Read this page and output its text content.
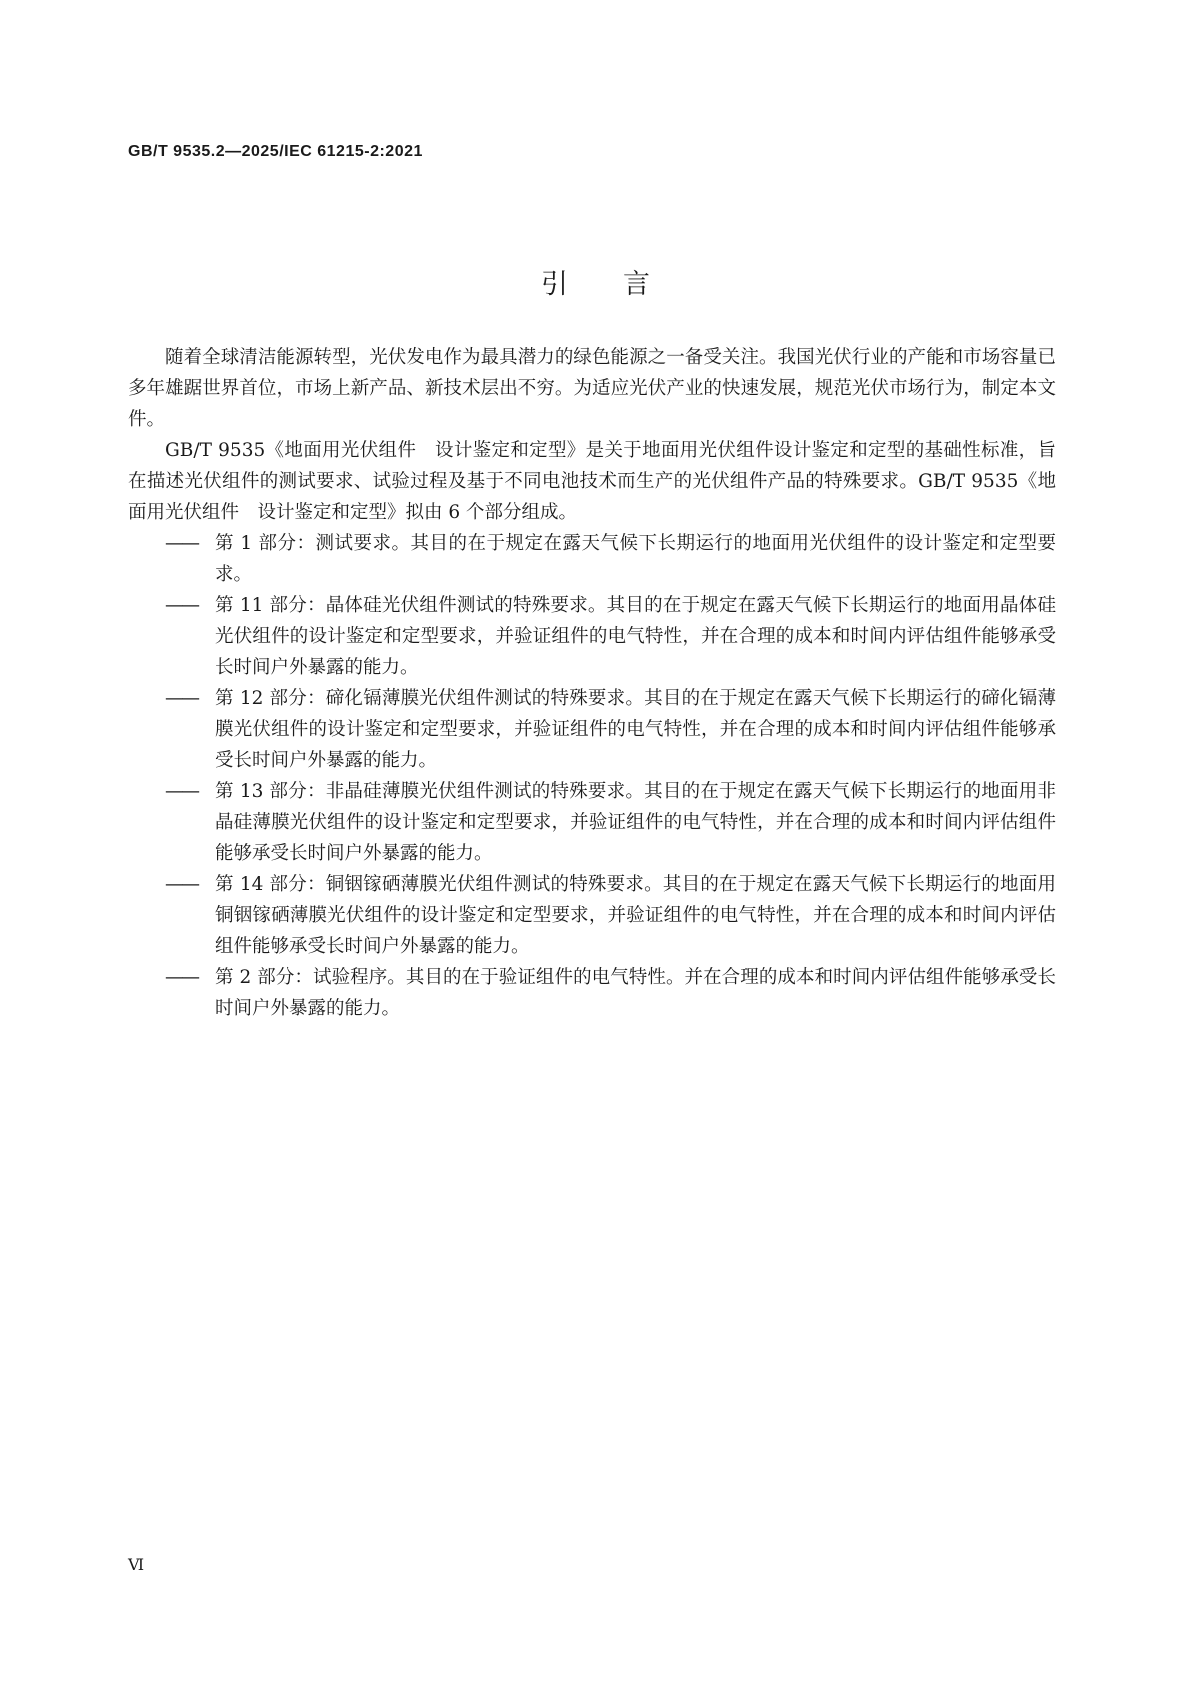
GB/T 9535.2—2025/IEC 61215-2:2021
引言

随着全球清洁能源转型，光伏发电作为最具潜力的绿色能源之一备受关注。我国光伏行业的产能和市场容量已多年雄踞世界首位，市场上新产品、新技术层出不穷。为适应光伏产业的快速发展，规范光伏市场行为，制定本文件。

GB/T 9535《地面用光伏组件　设计鉴定和定型》是关于地面用光伏组件设计鉴定和定型的基础性标准，旨在描述光伏组件的测试要求、试验过程及基于不同电池技术而生产的光伏组件产品的特殊要求。GB/T 9535《地面用光伏组件　设计鉴定和定型》拟由 6 个部分组成。

—— 第 1 部分：测试要求。其目的在于规定在露天气候下长期运行的地面用光伏组件的设计鉴定和定型要求。
—— 第 11 部分：晶体硅光伏组件测试的特殊要求。其目的在于规定在露天气候下长期运行的地面用晶体硅光伏组件的设计鉴定和定型要求，并验证组件的电气特性，并在合理的成本和时间内评估组件能够承受长时间户外暴露的能力。
—— 第 12 部分：碲化镉薄膜光伏组件测试的特殊要求。其目的在于规定在露天气候下长期运行的碲化镉薄膜光伏组件的设计鉴定和定型要求，并验证组件的电气特性，并在合理的成本和时间内评估组件能够承受长时间户外暴露的能力。
—— 第 13 部分：非晶硅薄膜光伏组件测试的特殊要求。其目的在于规定在露天气候下长期运行的地面用非晶硅薄膜光伏组件的设计鉴定和定型要求，并验证组件的电气特性，并在合理的成本和时间内评估组件能够承受长时间户外暴露的能力。
—— 第 14 部分：铜铟镓硒薄膜光伏组件测试的特殊要求。其目的在于规定在露天气候下长期运行的地面用铜铟镓硒薄膜光伏组件的设计鉴定和定型要求，并验证组件的电气特性，并在合理的成本和时间内评估组件能够承受长时间户外暴露的能力。
—— 第 2 部分：试验程序。其目的在于验证组件的电气特性。并在合理的成本和时间内评估组件能够承受长时间户外暴露的能力。
Ⅵ
